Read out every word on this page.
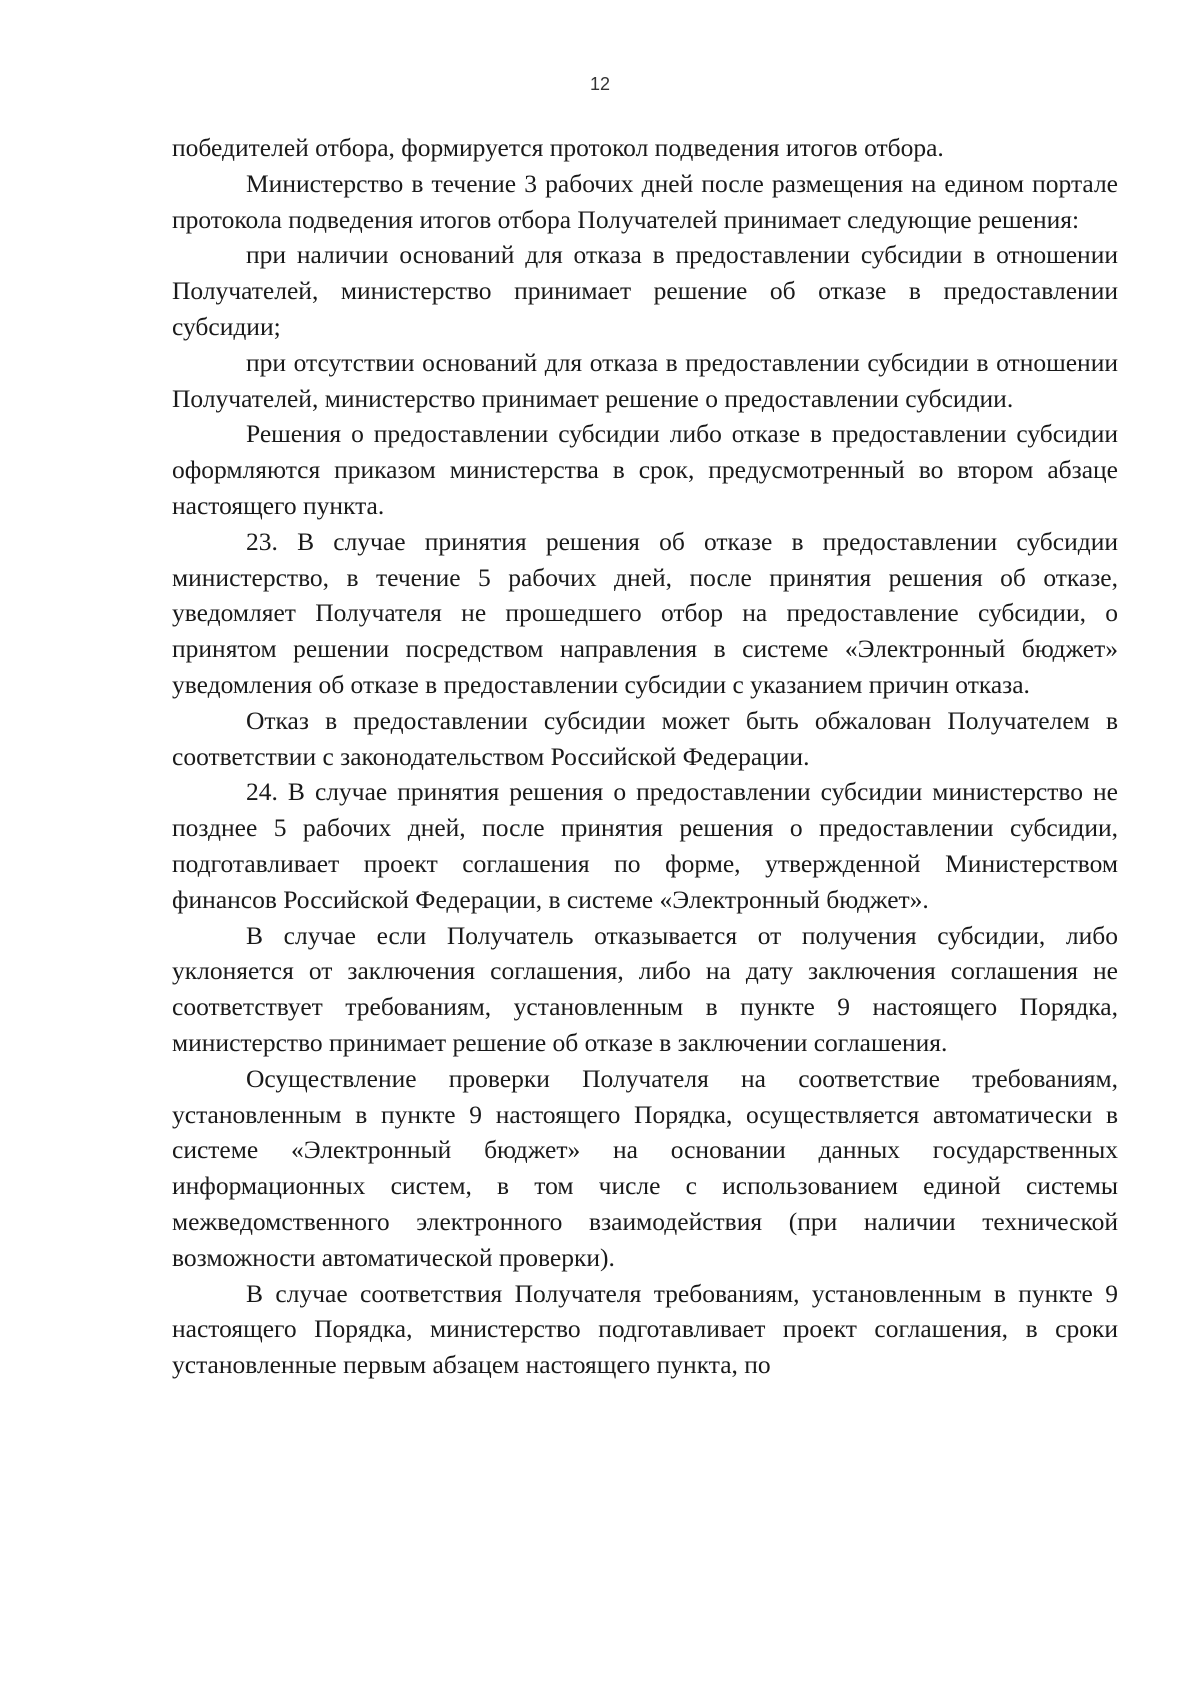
12

победителей отбора, формируется протокол подведения итогов отбора.

Министерство в течение 3 рабочих дней после размещения на едином портале протокола подведения итогов отбора Получателей принимает следующие решения:

при наличии оснований для отказа в предоставлении субсидии в отношении Получателей, министерство принимает решение об отказе в предоставлении субсидии;

при отсутствии оснований для отказа в предоставлении субсидии в отношении Получателей, министерство принимает решение о предоставлении субсидии.

Решения о предоставлении субсидии либо отказе в предоставлении субсидии оформляются приказом министерства в срок, предусмотренный во втором абзаце настоящего пункта.

23. В случае принятия решения об отказе в предоставлении субсидии министерство, в течение 5 рабочих дней, после принятия решения об отказе, уведомляет Получателя не прошедшего отбор на предоставление субсидии, о принятом решении посредством направления в системе «Электронный бюджет» уведомления об отказе в предоставлении субсидии с указанием причин отказа.

Отказ в предоставлении субсидии может быть обжалован Получателем в соответствии с законодательством Российской Федерации.

24. В случае принятия решения о предоставлении субсидии министерство не позднее 5 рабочих дней, после принятия решения о предоставлении субсидии, подготавливает проект соглашения по форме, утвержденной Министерством финансов Российской Федерации, в системе «Электронный бюджет».

В случае если Получатель отказывается от получения субсидии, либо уклоняется от заключения соглашения, либо на дату заключения соглашения не соответствует требованиям, установленным в пункте 9 настоящего Порядка, министерство принимает решение об отказе в заключении соглашения.

Осуществление проверки Получателя на соответствие требованиям, установленным в пункте 9 настоящего Порядка, осуществляется автоматически в системе «Электронный бюджет» на основании данных государственных информационных систем, в том числе с использованием единой системы межведомственного электронного взаимодействия (при наличии технической возможности автоматической проверки).

В случае соответствия Получателя требованиям, установленным в пункте 9 настоящего Порядка, министерство подготавливает проект соглашения, в сроки установленные первым абзацем настоящего пункта, по
